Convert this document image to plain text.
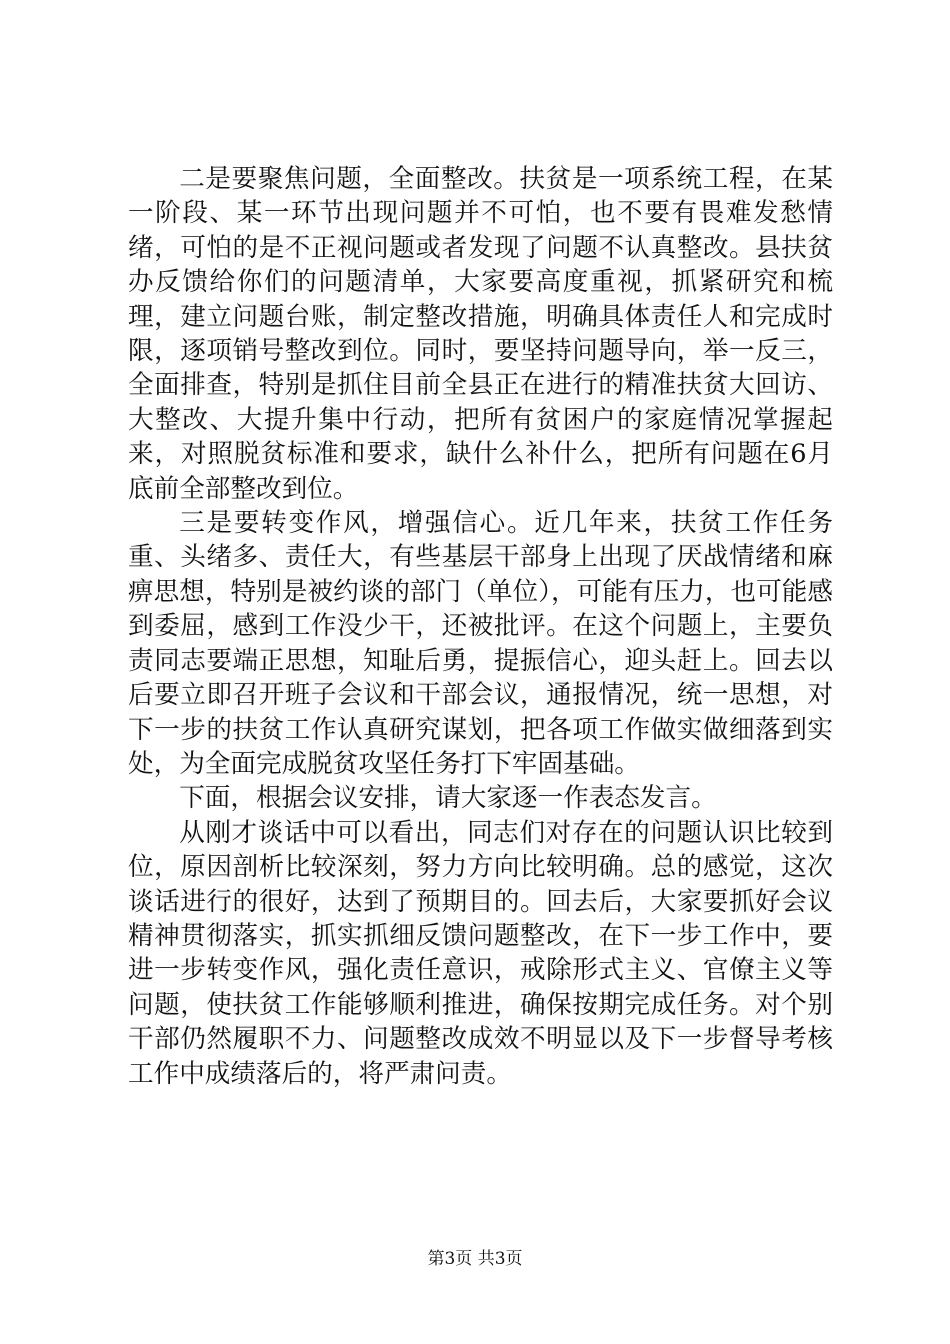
二是要聚焦问题，全面整改。扶贫是一项系统工程，在某一阶段、某一环节出现问题并不可怕，也不要有畏难发愁情绪，可怕的是不正视问题或者发现了问题不认真整改。县扶贫办反馈给你们的问题清单，大家要高度重视，抓紧研究和梳理，建立问题台账，制定整改措施，明确具体责任人和完成时限，逐项销号整改到位。同时，要坚持问题导向，举一反三，全面排查，特别是抓住目前全县正在进行的精准扶贫大回访、大整改、大提升集中行动，把所有贫困户的家庭情况掌握起来，对照脱贫标准和要求，缺什么补什么，把所有问题在6月底前全部整改到位。

三是要转变作风，增强信心。近几年来，扶贫工作任务重、头绪多、责任大，有些基层干部身上出现了厌战情绪和麻痹思想，特别是被约谈的部门（单位），可能有压力，也可能感到委屈，感到工作没少干，还被批评。在这个问题上，主要负责同志要端正思想，知耻后勇，提振信心，迎头赶上。回去以后要立即召开班子会议和干部会议，通报情况，统一思想，对下一步的扶贫工作认真研究谋划，把各项工作做实做细落到实处，为全面完成脱贫攻坚任务打下牢固基础。

下面，根据会议安排，请大家逐一作表态发言。

从刚才谈话中可以看出，同志们对存在的问题认识比较到位，原因剖析比较深刻，努力方向比较明确。总的感觉，这次谈话进行的很好，达到了预期目的。回去后，大家要抓好会议精神贯彻落实，抓实抓细反馈问题整改，在下一步工作中，要进一步转变作风，强化责任意识，戒除形式主义、官僚主义等问题，使扶贫工作能够顺利推进，确保按期完成任务。对个别干部仍然履职不力、问题整改成效不明显以及下一步督导考核工作中成绩落后的，将严肃问责。

第3页 共3页
